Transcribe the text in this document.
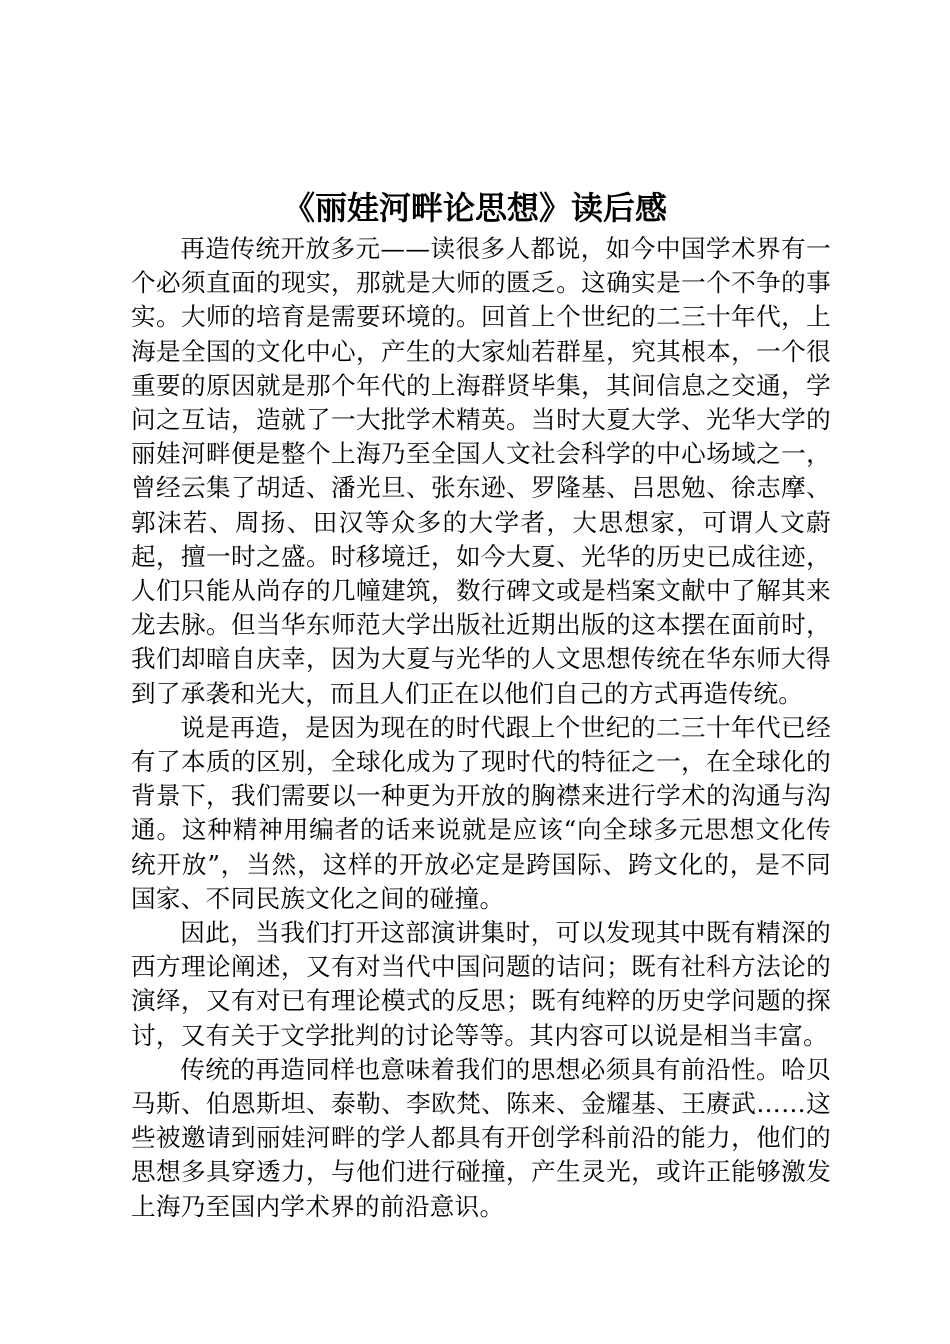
《丽娃河畔论思想》读后感

再造传统开放多元——读很多人都说，如今中国学术界有一个必须直面的现实，那就是大师的匮乏。这确实是一个不争的事实。大师的培育是需要环境的。回首上个世纪的二三十年代，上海是全国的文化中心，产生的大家灿若群星，究其根本，一个很重要的原因就是那个年代的上海群贤毕集，其间信息之交通，学问之互诘，造就了一大批学术精英。当时大夏大学、光华大学的丽娃河畔便是整个上海乃至全国人文社会科学的中心场域之一，曾经云集了胡适、潘光旦、张东逊、罗隆基、吕思勉、徐志摩、郭沫若、周扬、田汉等众多的大学者，大思想家，可谓人文蔚起，擅一时之盛。时移境迁，如今大夏、光华的历史已成往迹，人们只能从尚存的几幢建筑，数行碑文或是档案文献中了解其来龙去脉。但当华东师范大学出版社近期出版的这本摆在面前时，我们却暗自庆幸，因为大夏与光华的人文思想传统在华东师大得到了承袭和光大，而且人们正在以他们自己的方式再造传统。

说是再造，是因为现在的时代跟上个世纪的二三十年代已经有了本质的区别，全球化成为了现时代的特征之一，在全球化的背景下，我们需要以一种更为开放的胸襟来进行学术的沟通与沟通。这种精神用编者的话来说就是应该“向全球多元思想文化传统开放”，当然，这样的开放必定是跨国际、跨文化的，是不同国家、不同民族文化之间的碰撞。

因此，当我们打开这部演讲集时，可以发现其中既有精深的西方理论阐述，又有对当代中国问题的诘问；既有社科方法论的演绎，又有对已有理论模式的反思；既有纯粹的历史学问题的探讨，又有关于文学批判的讨论等等。其内容可以说是相当丰富。

传统的再造同样也意味着我们的思想必须具有前沿性。哈贝马斯、伯恩斯坦、泰勒、李欧梵、陈来、金耀基、王赓武……这些被邀请到丽娃河畔的学人都具有开创学科前沿的能力，他们的思想多具穿透力，与他们进行碰撞，产生灵光，或许正能够激发上海乃至国内学术界的前沿意识。
